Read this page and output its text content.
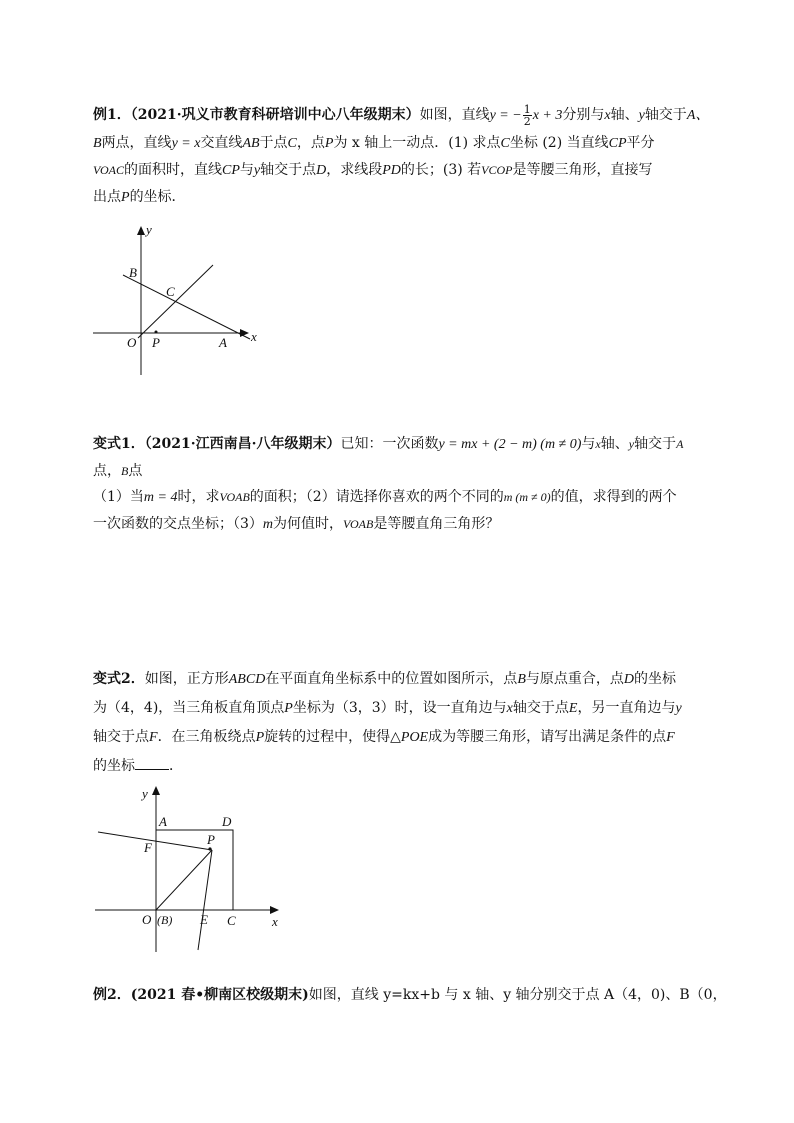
例1．（2021·巩义市教育科研培训中心八年级期末）如图，直线y = − $\frac{1}{2}$ x + 3分别与x轴、y轴交于A、
B两点，直线y = x交直线AB于点C，点P为 x 轴上一动点．(1) 求点C坐标 (2) 当直线CP平分
VOAC的面积时，直线CP与y轴交于点D，求线段PD的长；(3) 若VCOP是等腰三角形，直接写
出点P的坐标．
y
B
C
O P	A x
变式1．（2021·江西南昌·八年级期末）已知：一次函数y = mx + (2 − m) (m ≠ 0)与x轴、y轴交于A
点，B点
（1）当m = 4时，求VOAB的面积；（2）请选择你喜欢的两个不同的m (m ≠ 0)的值，求得到的两个
一次函数的交点坐标；（3）m为何值时，VOAB是等腰直角三角形？
变式2．如图，正方形ABCD在平面直角坐标系中的位置如图所示，点B与原点重合，点D的坐标
为（4，4)，当三角板直角顶点P坐标为（3，3）时，设一直角边与x轴交于点E，另一直角边与y
轴交于点F．在三角板绕点P旋转的过程中，使得△POE成为等腰三角形，请写出满足条件的点F
的坐标 ．
y
A	D
F
P
O (B) E C	x
例2．(2021 春•柳南区校级期末)如图，直线 y=kx+b 与 x 轴、y 轴分别交于点 A（4，0)、B（0，
